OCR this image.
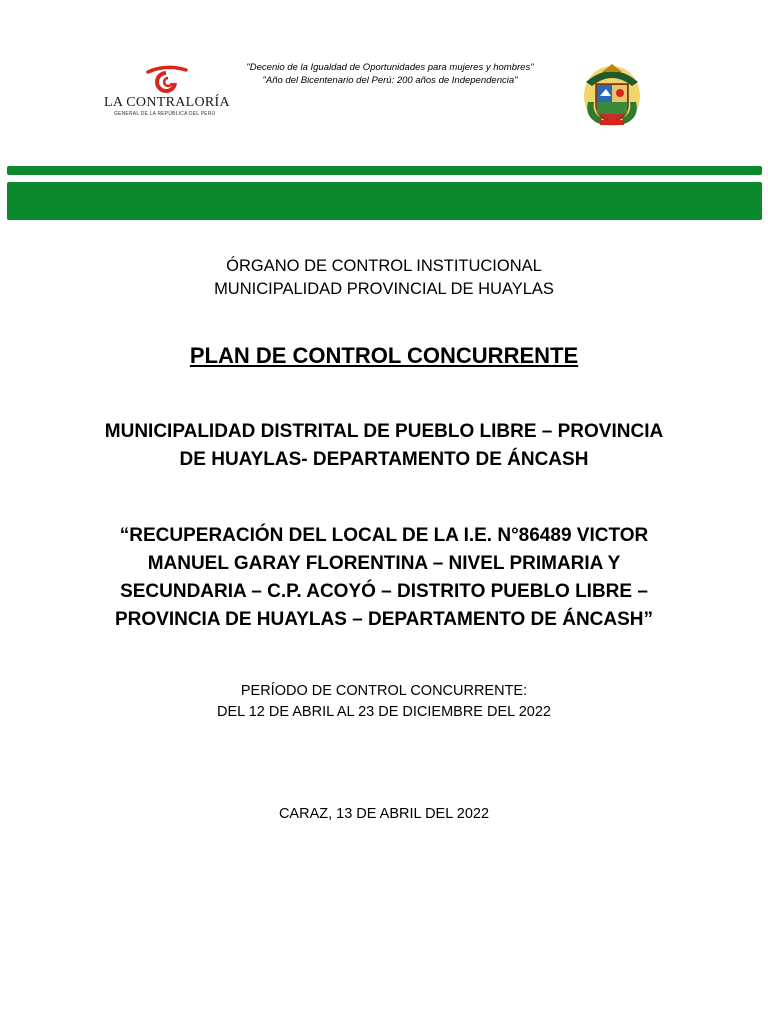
LA CONTRALORÍA
GENERAL DE LA REPÚBLICA DEL PERÚ
"Decenio de la Igualdad de Oportunidades para mujeres y hombres"
"Año del Bicentenario del Perú: 200 años de Independencia"
ÓRGANO DE CONTROL INSTITUCIONAL
MUNICIPALIDAD PROVINCIAL DE HUAYLAS
PLAN DE CONTROL CONCURRENTE
MUNICIPALIDAD DISTRITAL DE PUEBLO LIBRE – PROVINCIA
DE HUAYLAS- DEPARTAMENTO DE ÁNCASH
“RECUPERACIÓN DEL LOCAL DE LA I.E. N°86489 VICTOR
MANUEL GARAY FLORENTINA – NIVEL PRIMARIA Y
SECUNDARIA – C.P. ACOYÓ – DISTRITO PUEBLO LIBRE –
PROVINCIA DE HUAYLAS – DEPARTAMENTO DE ÁNCASH”
PERÍODO DE CONTROL CONCURRENTE:
DEL 12 DE ABRIL AL 23 DE DICIEMBRE DEL 2022
CARAZ, 13 DE ABRIL DEL 2022
